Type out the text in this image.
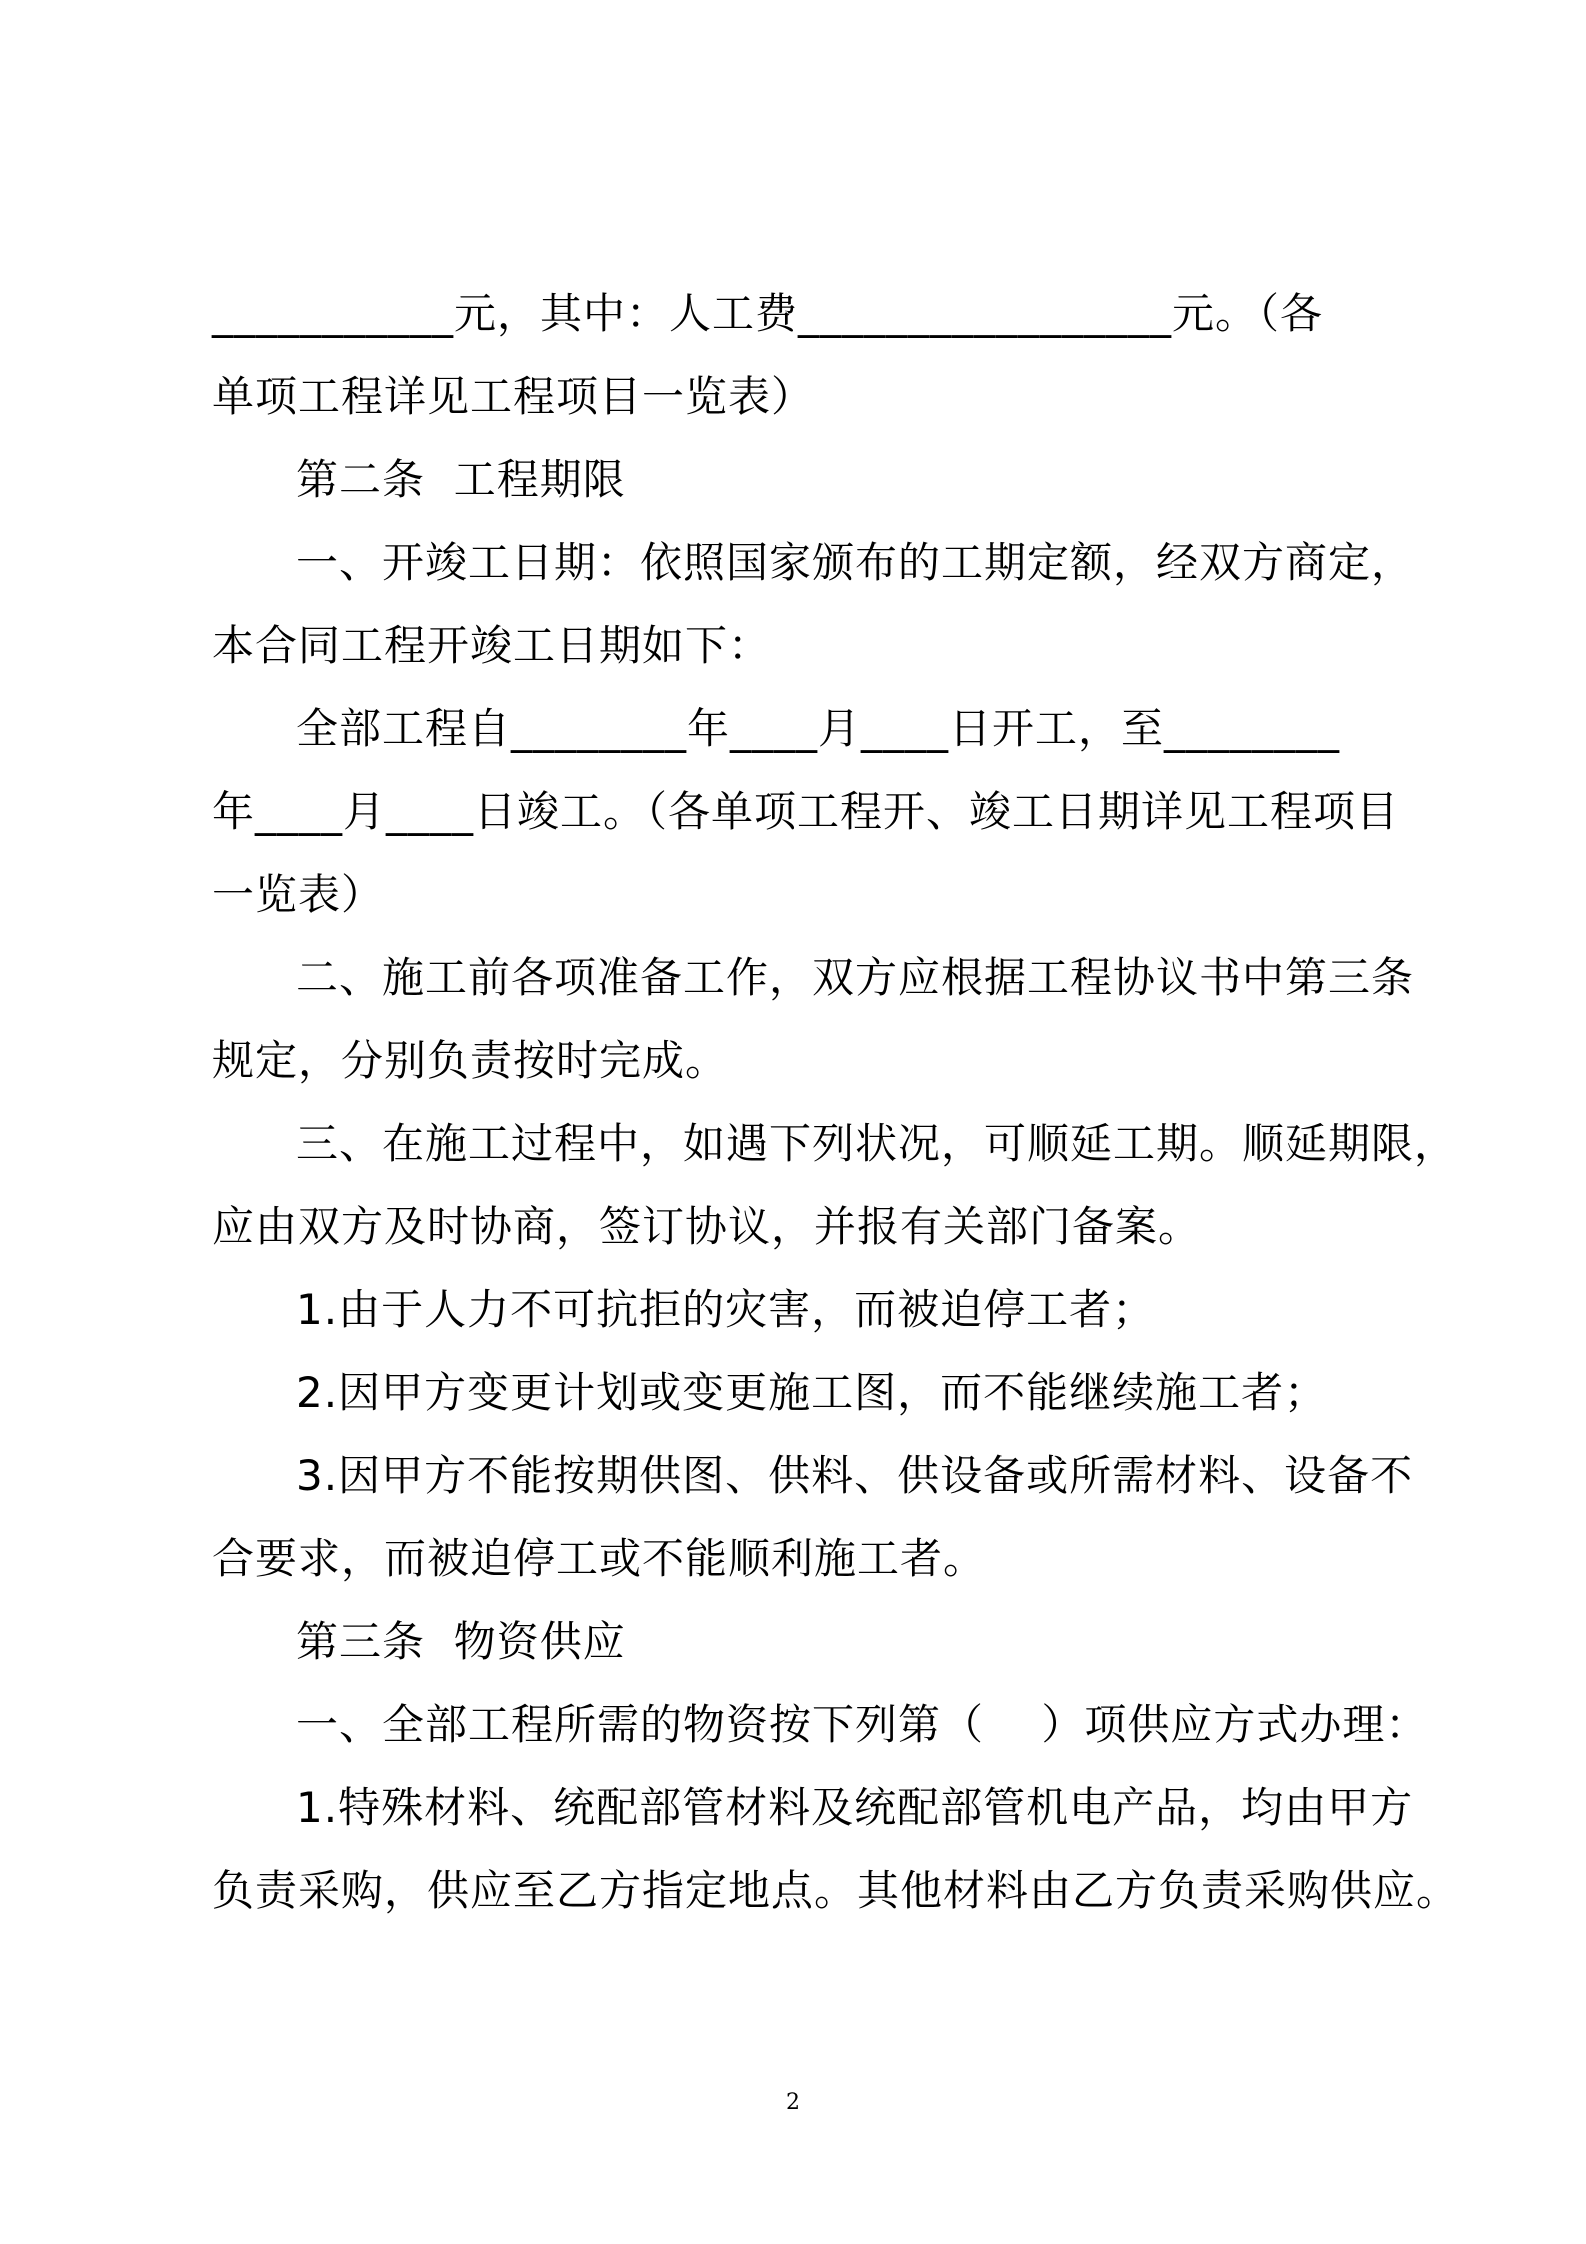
___________元，其中：人工费_________________元。（各
单项工程详见工程项目一览表）
第二条  工程期限
一、开竣工日期：依照国家颁布的工期定额，经双方商定，
本合同工程开竣工日期如下：
全部工程自________年____月____日开工，至________
年____月____日竣工。（各单项工程开、竣工日期详见工程项目
一览表）
二、施工前各项准备工作，双方应根据工程协议书中第三条
规定，分别负责按时完成。
三、在施工过程中，如遇下列状况，可顺延工期。顺延期限，
应由双方及时协商，签订协议，并报有关部门备案。
1.由于人力不可抗拒的灾害，而被迫停工者；
2.因甲方变更计划或变更施工图，而不能继续施工者；
3.因甲方不能按期供图、供料、供设备或所需材料、设备不
合要求，而被迫停工或不能顺利施工者。
第三条  物资供应
一、全部工程所需的物资按下列第（    ）项供应方式办理：
1.特殊材料、统配部管材料及统配部管机电产品，均由甲方
负责采购，供应至乙方指定地点。其他材料由乙方负责采购供应。
2
